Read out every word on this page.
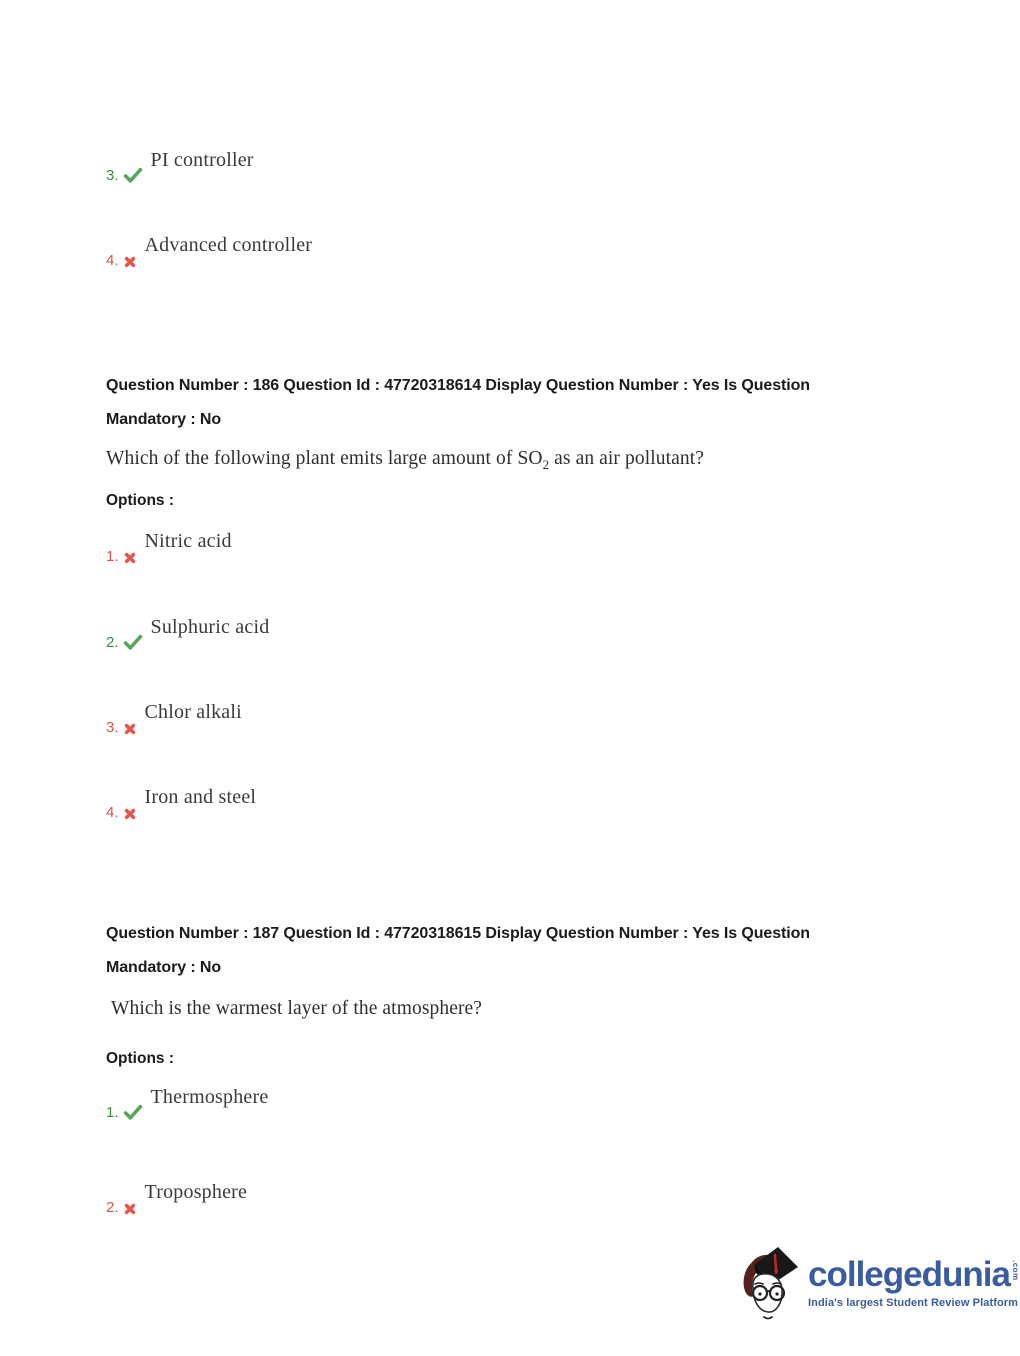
3.
PI controller
4.
Advanced controller
Question Number : 186 Question Id : 47720318614 Display Question Number : Yes Is Question
Mandatory : No
Which of the following plant emits large amount of $SO_2$ as an air pollutant?
Options :
1.
Nitric acid
2.
Sulphuric acid
3.
Chlor alkali
4.
Iron and steel
Question Number : 187 Question Id : 47720318615 Display Question Number : Yes Is Question
Mandatory : No
Which is the warmest layer of the atmosphere?
Options :
1.
Thermosphere
2.
Troposphere
collegedunia .com
India's largest Student Review Platform
